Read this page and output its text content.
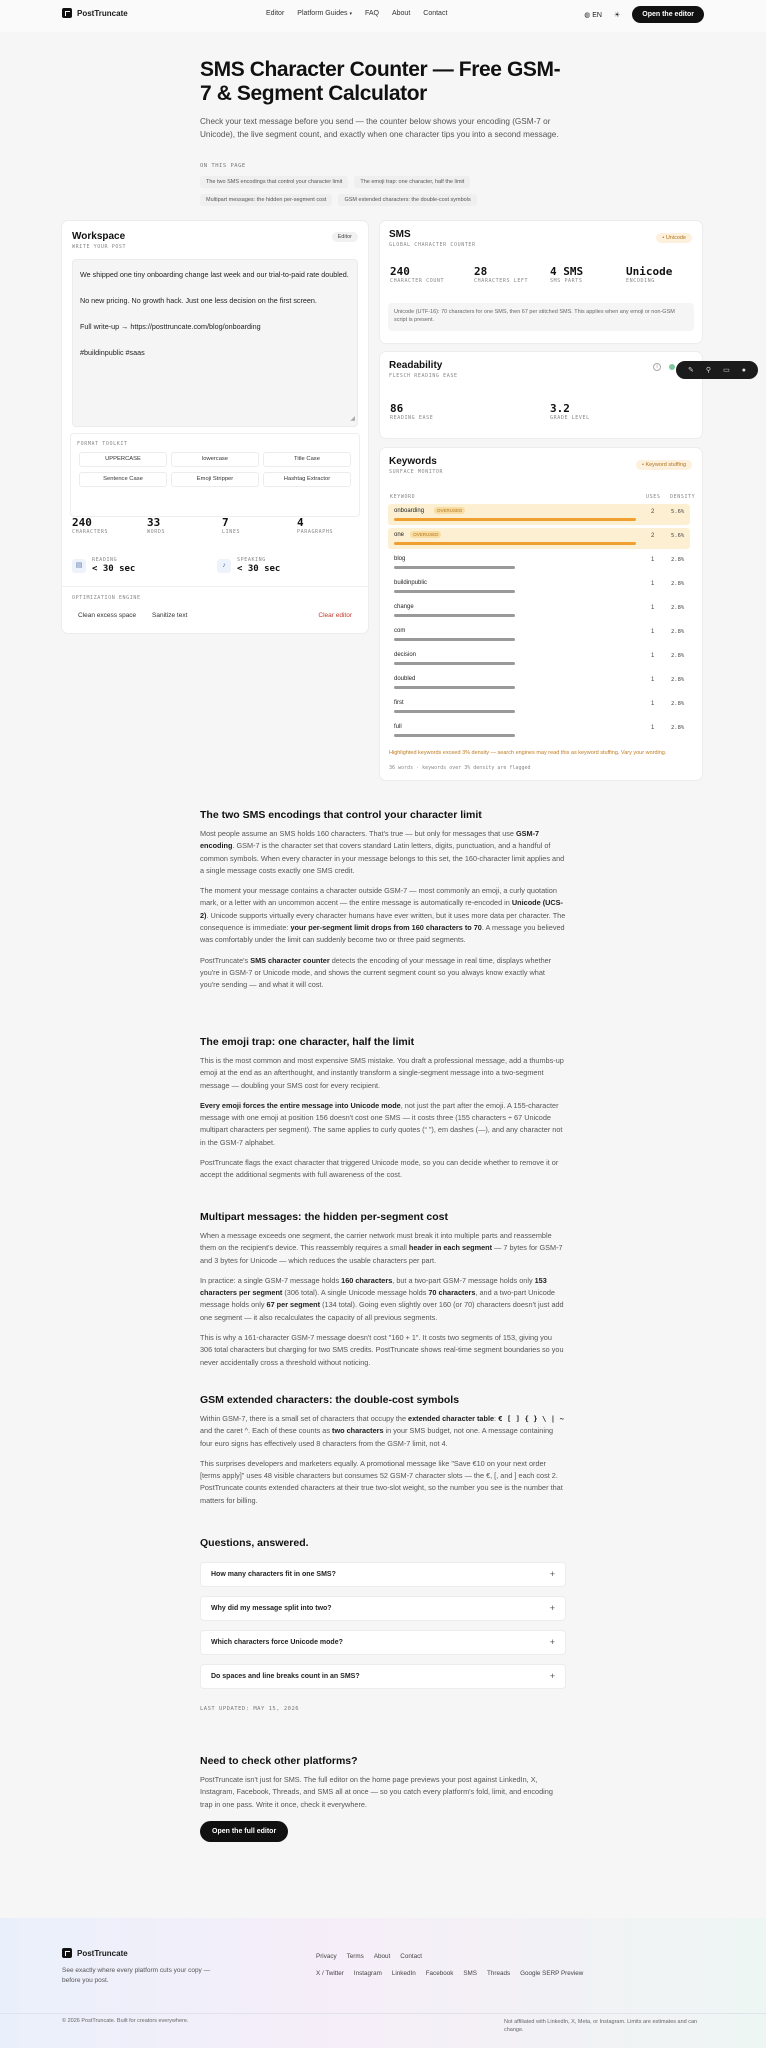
PostTruncate	Editor Platform Guides ▾ FAQ About Contact	◍ EN ☀	Open the editor
SMS Character Counter — Free GSM-7 & Segment Calculator

Check your text message before you send — the counter below shows your encoding (GSM-7 or Unicode), the live segment count, and exactly when one character tips you into a second message.

ON THIS PAGE
The two SMS encodings that control your character limit	The emoji trap: one character, half the limit
Multipart messages: the hidden per-segment cost	GSM extended characters: the double-cost symbols
Workspace
WRITE YOUR POST
Editor
We shipped one tiny onboarding change last week and our trial-to-paid rate doubled.
No new pricing. No growth hack. Just one less decision on the first screen.
Full write-up → https://posttruncate.com/blog/onboarding
#buildinpublic #saas
◢
FORMAT TOOLKIT
UPPERCASE	lowercase	Title Case
Sentence Case	Emoji Stripper	Hashtag Extractor
240
CHARACTERS
33
WORDS
7
LINES
4
PARAGRAPHS
▤
READING
< 30 sec	♪
SPEAKING
< 30 sec
OPTIMIZATION ENGINE
Clean excess space Sanitize text	Clear editor
SMS
GLOBAL CHARACTER COUNTER
• Unicode
240
CHARACTER COUNT
28
CHARACTERS LEFT
4 SMS
SMS PARTS
Unicode
ENCODING
Unicode (UTF-16): 70 characters for one SMS, then 67 per stitched SMS. This applies when any emoji or non-GSM script is present.
Readability
FLESCH READING EASE
i
86
READING EASE
3.2
GRADE LEVEL
✎ ⚲ ▭ ●
Keywords
SURFACE MONITOR
• Keyword stuffing
KEYWORD	USES DENSITY
onboarding	OVERUSED	2	5.6%
one	OVERUSED	2	5.6%
blog	1	2.8%
buildinpublic	1	2.8%
change	1	2.8%
com	1	2.8%
decision	1	2.8%
doubled	1	2.8%
first	1	2.8%
full	1	2.8%
Highlighted keywords exceed 3% density — search engines may read this as keyword stuffing. Vary your wording.
36 words · keywords over 3% density are flagged
The two SMS encodings that control your character limit

Most people assume an SMS holds 160 characters. That's true — but only for messages that use GSM-7 encoding. GSM-7 is the character set that covers standard Latin letters, digits, punctuation, and a handful of common symbols. When every character in your message belongs to this set, the 160-character limit applies and a single message costs exactly one SMS credit.

The moment your message contains a character outside GSM-7 — most commonly an emoji, a curly quotation mark, or a letter with an uncommon accent — the entire message is automatically re-encoded in Unicode (UCS-2). Unicode supports virtually every character humans have ever written, but it uses more data per character. The consequence is immediate: your per-segment limit drops from 160 characters to 70. A message you believed was comfortably under the limit can suddenly become two or three paid segments.

PostTruncate's SMS character counter detects the encoding of your message in real time, displays whether you're in GSM-7 or Unicode mode, and shows the current segment count so you always know exactly what you're sending — and what it will cost.

The emoji trap: one character, half the limit

This is the most common and most expensive SMS mistake. You draft a professional message, add a thumbs-up emoji at the end as an afterthought, and instantly transform a single-segment message into a two-segment message — doubling your SMS cost for every recipient.

Every emoji forces the entire message into Unicode mode, not just the part after the emoji. A 155-character message with one emoji at position 156 doesn't cost one SMS — it costs three (155 characters ÷ 67 Unicode multipart characters per segment). The same applies to curly quotes (“ ”), em dashes (—), and any character not in the GSM-7 alphabet.

PostTruncate flags the exact character that triggered Unicode mode, so you can decide whether to remove it or accept the additional segments with full awareness of the cost.

Multipart messages: the hidden per-segment cost

When a message exceeds one segment, the carrier network must break it into multiple parts and reassemble them on the recipient's device. This reassembly requires a small header in each segment — 7 bytes for GSM-7 and 3 bytes for Unicode — which reduces the usable characters per part.

In practice: a single GSM-7 message holds 160 characters, but a two-part GSM-7 message holds only 153 characters per segment (306 total). A single Unicode message holds 70 characters, and a two-part Unicode message holds only 67 per segment (134 total). Going even slightly over 160 (or 70) characters doesn't just add one segment — it also recalculates the capacity of all previous segments.

This is why a 161-character GSM-7 message doesn't cost "160 + 1". It costs two segments of 153, giving you 306 total characters but charging for two SMS credits. PostTruncate shows real-time segment boundaries so you never accidentally cross a threshold without noticing.

GSM extended characters: the double-cost symbols

Within GSM-7, there is a small set of characters that occupy the extended character table: € [ ] { } \ | ~ and the caret ^. Each of these counts as two characters in your SMS budget, not one. A message containing four euro signs has effectively used 8 characters from the GSM-7 limit, not 4.

This surprises developers and marketers equally. A promotional message like "Save €10 on your next order [terms apply]" uses 48 visible characters but consumes 52 GSM-7 character slots — the €, [, and ] each cost 2. PostTruncate counts extended characters at their true two-slot weight, so the number you see is the number that matters for billing.

Questions, answered.
How many characters fit in one SMS?	+
Why did my message split into two?	+
Which characters force Unicode mode?	+
Do spaces and line breaks count in an SMS?	+
LAST UPDATED: MAY 15, 2026
Need to check other platforms?
PostTruncate isn't just for SMS. The full editor on the home page previews your post against LinkedIn, X, Instagram, Facebook, Threads, and SMS all at once — so you catch every platform's fold, limit, and encoding trap in one pass. Write it once, check it everywhere.
Open the full editor
PostTruncate
See exactly where every platform cuts your copy — before you post.
Privacy Terms About Contact
X / Twitter Instagram LinkedIn Facebook SMS Threads Google SERP Preview
© 2026 PostTruncate. Built for creators everywhere.	Not affiliated with LinkedIn, X, Meta, or Instagram. Limits are estimates and can change.
